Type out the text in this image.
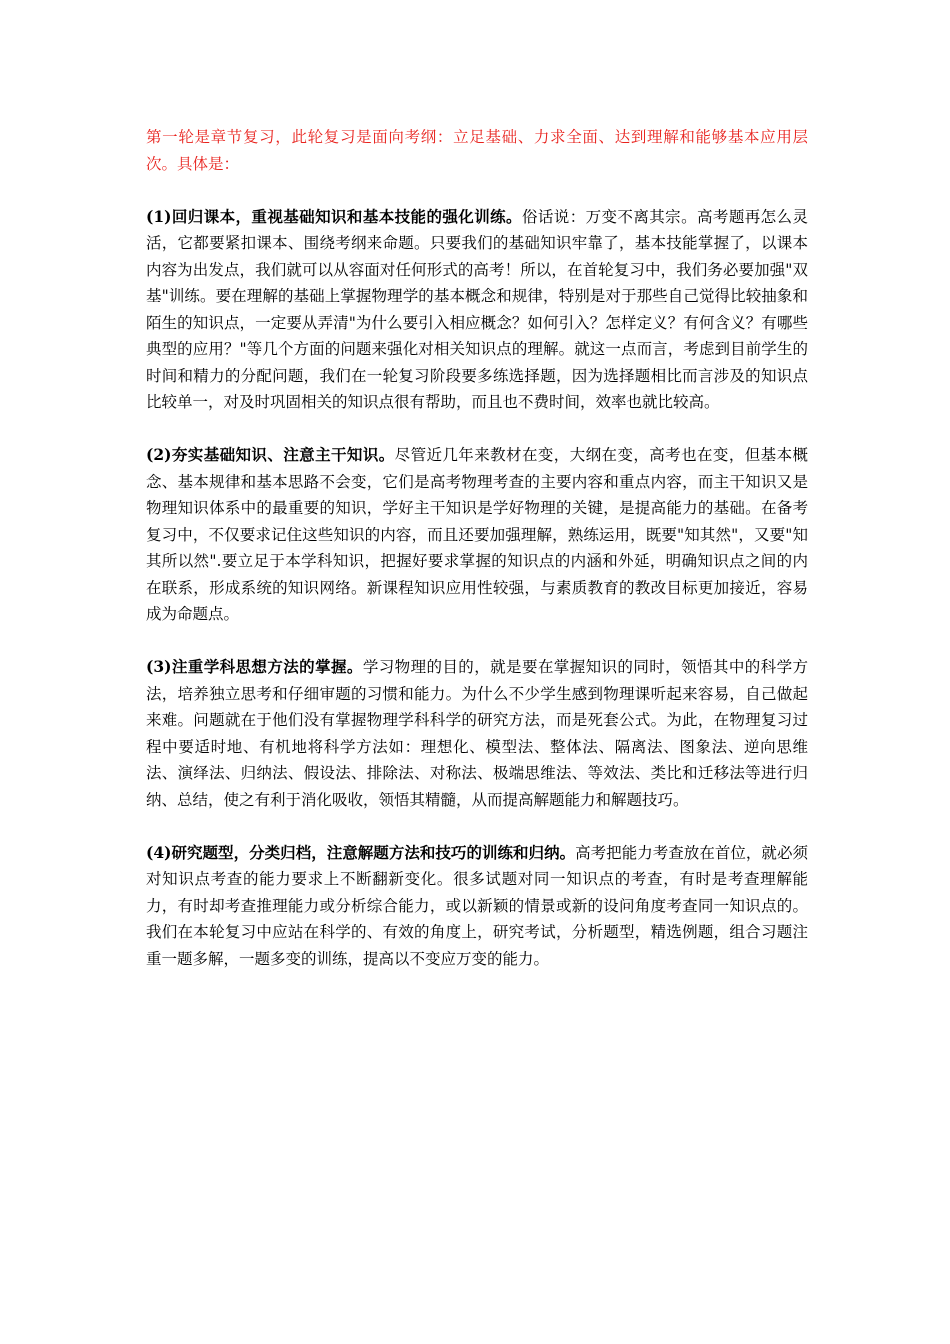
第一轮是章节复习，此轮复习是面向考纲：立足基础、力求全面、达到理解和能够基本应用层次。具体是：

(1)回归课本，重视基础知识和基本技能的强化训练。俗话说：万变不离其宗。高考题再怎么灵活，它都要紧扣课本、围绕考纲来命题。只要我们的基础知识牢靠了，基本技能掌握了，以课本内容为出发点，我们就可以从容面对任何形式的高考！所以，在首轮复习中，我们务必要加强"双基"训练。要在理解的基础上掌握物理学的基本概念和规律，特别是对于那些自己觉得比较抽象和陌生的知识点，一定要从弄清"为什么要引入相应概念？如何引入？怎样定义？有何含义？有哪些典型的应用？"等几个方面的问题来强化对相关知识点的理解。就这一点而言，考虑到目前学生的时间和精力的分配问题，我们在一轮复习阶段要多练选择题，因为选择题相比而言涉及的知识点比较单一，对及时巩固相关的知识点很有帮助，而且也不费时间，效率也就比较高。

(2)夯实基础知识、注意主干知识。尽管近几年来教材在变，大纲在变，高考也在变，但基本概念、基本规律和基本思路不会变，它们是高考物理考查的主要内容和重点内容，而主干知识又是物理知识体系中的最重要的知识，学好主干知识是学好物理的关键，是提高能力的基础。在备考复习中，不仅要求记住这些知识的内容，而且还要加强理解，熟练运用，既要"知其然"，又要"知其所以然".要立足于本学科知识，把握好要求掌握的知识点的内涵和外延，明确知识点之间的内在联系，形成系统的知识网络。新课程知识应用性较强，与素质教育的教改目标更加接近，容易成为命题点。

(3)注重学科思想方法的掌握。学习物理的目的，就是要在掌握知识的同时，领悟其中的科学方法，培养独立思考和仔细审题的习惯和能力。为什么不少学生感到物理课听起来容易，自己做起来难。问题就在于他们没有掌握物理学科科学的研究方法，而是死套公式。为此，在物理复习过程中要适时地、有机地将科学方法如：理想化、模型法、整体法、隔离法、图象法、逆向思维法、演绎法、归纳法、假设法、排除法、对称法、极端思维法、等效法、类比和迁移法等进行归纳、总结，使之有利于消化吸收，领悟其精髓，从而提高解题能力和解题技巧。

(4)研究题型，分类归档，注意解题方法和技巧的训练和归纳。高考把能力考查放在首位，就必须对知识点考查的能力要求上不断翻新变化。很多试题对同一知识点的考查，有时是考查理解能力，有时却考查推理能力或分析综合能力，或以新颖的情景或新的设问角度考查同一知识点的。我们在本轮复习中应站在科学的、有效的角度上，研究考试，分析题型，精选例题，组合习题注重一题多解，一题多变的训练，提高以不变应万变的能力。
